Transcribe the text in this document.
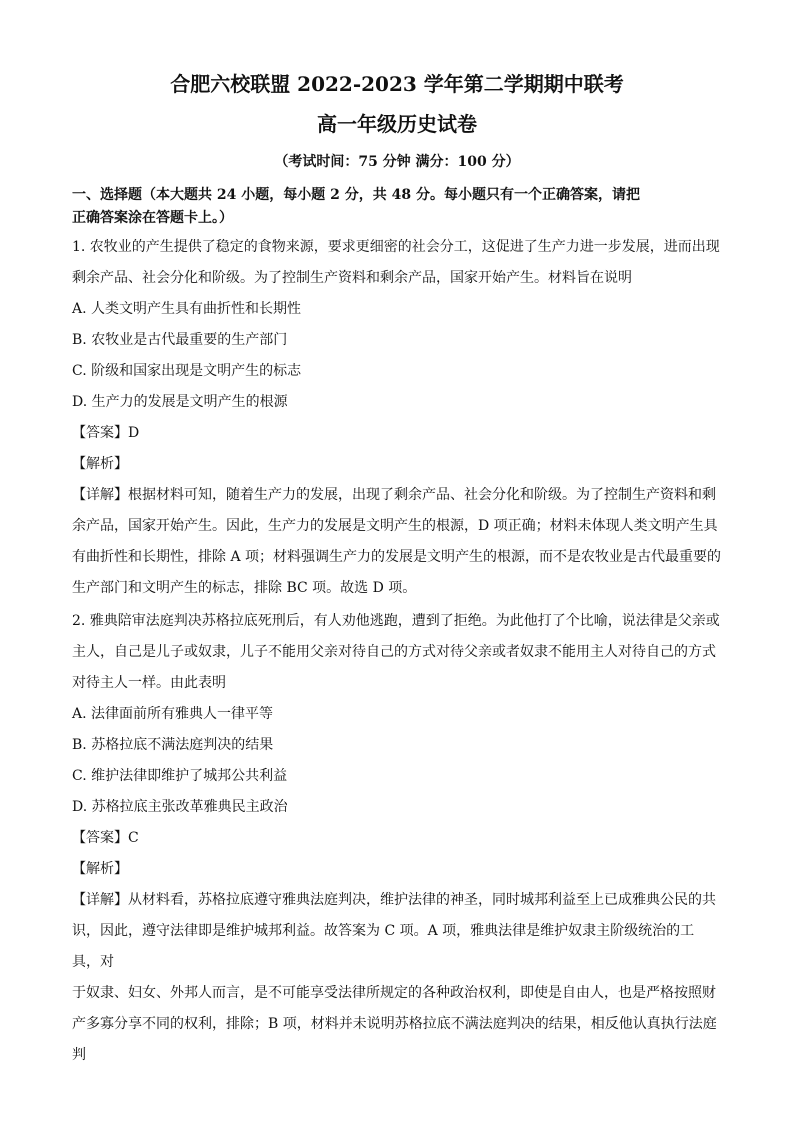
合肥六校联盟 2022-2023 学年第二学期期中联考
高一年级历史试卷
（考试时间：75 分钟 满分：100 分）
一、选择题（本大题共 24 小题，每小题 2 分，共 48 分。每小题只有一个正确答案，请把
正确答案涂在答题卡上。）

1. 农牧业的产生提供了稳定的食物来源，要求更细密的社会分工，这促进了生产力进一步发展，进而出现

剩余产品、社会分化和阶级。为了控制生产资料和剩余产品，国家开始产生。材料旨在说明

A. 人类文明产生具有曲折性和长期性

B. 农牧业是古代最重要的生产部门

C. 阶级和国家出现是文明产生的标志

D. 生产力的发展是文明产生的根源

【答案】D

【解析】

【详解】根据材料可知，随着生产力的发展，出现了剩余产品、社会分化和阶级。为了控制生产资料和剩

余产品，国家开始产生。因此，生产力的发展是文明产生的根源，D 项正确；材料未体现人类文明产生具

有曲折性和长期性，排除 A 项；材料强调生产力的发展是文明产生的根源，而不是农牧业是古代最重要的

生产部门和文明产生的标志，排除 BC 项。故选 D 项。

2. 雅典陪审法庭判决苏格拉底死刑后，有人劝他逃跑，遭到了拒绝。为此他打了个比喻，说法律是父亲或

主人，自己是儿子或奴隶，儿子不能用父亲对待自己的方式对待父亲或者奴隶不能用主人对待自己的方式

对待主人一样。由此表明

A. 法律面前所有雅典人一律平等

B. 苏格拉底不满法庭判决的结果

C. 维护法律即维护了城邦公共利益

D. 苏格拉底主张改革雅典民主政治

【答案】C

【解析】

【详解】从材料看，苏格拉底遵守雅典法庭判决，维护法律的神圣，同时城邦利益至上已成雅典公民的共

识，因此，遵守法律即是维护城邦利益。故答案为 C 项。A 项，雅典法律是维护奴隶主阶级统治的工具，对

于奴隶、妇女、外邦人而言，是不可能享受法律所规定的各种政治权利，即使是自由人，也是严格按照财

产多寡分享不同的权利，排除；B 项，材料并未说明苏格拉底不满法庭判决的结果，相反他认真执行法庭判
